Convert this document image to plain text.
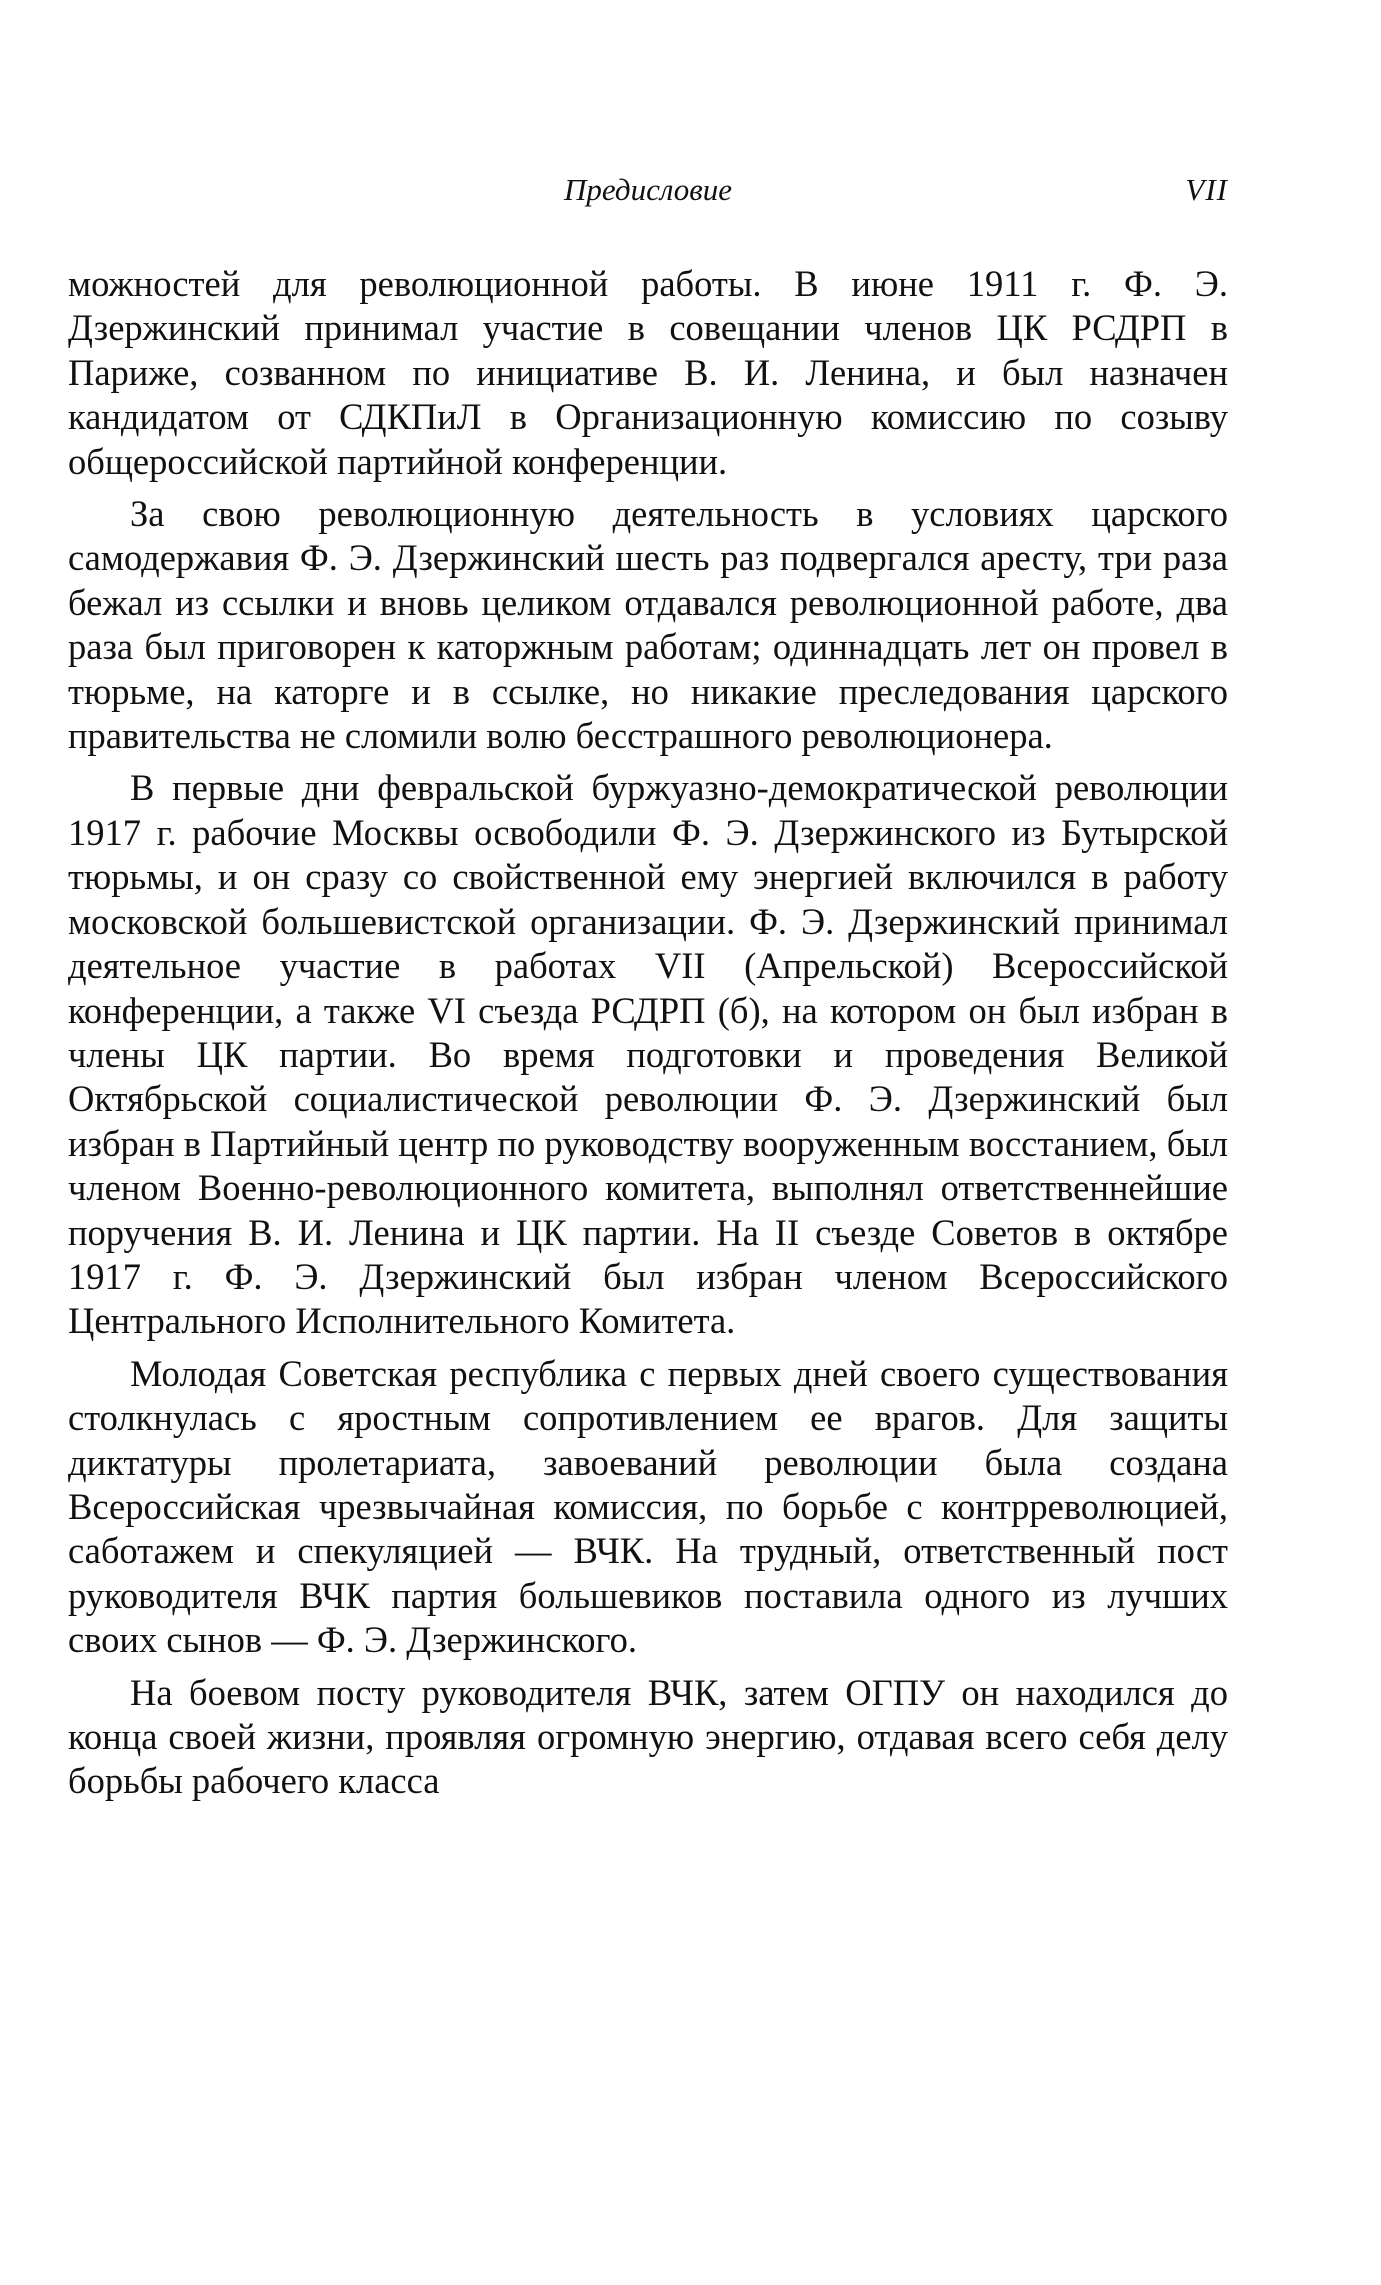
Предисловие	VII

можностей для революционной работы. В июне 1911 г. Ф. Э. Дзержинский принимал участие в совещании членов ЦК РСДРП в Париже, созванном по инициативе В. И. Ленина, и был назначен кандидатом от СДКПиЛ в Организационную комиссию по созыву общероссийской партийной конференции.

За свою революционную деятельность в условиях царского самодержавия Ф. Э. Дзержинский шесть раз подвергался аресту, три раза бежал из ссылки и вновь целиком отдавался революционной работе, два раза был приговорен к каторжным работам; одиннадцать лет он провел в тюрьме, на каторге и в ссылке, но никакие преследования царского правительства не сломили волю бесстрашного революционера.

В первые дни февральской буржуазно-демократической революции 1917 г. рабочие Москвы освободили Ф. Э. Дзержинского из Бутырской тюрьмы, и он сразу со свойственной ему энергией включился в работу московской большевистской организации. Ф. Э. Дзержинский принимал деятельное участие в работах VII (Апрельской) Всероссийской конференции, а также VI съезда РСДРП (б), на котором он был избран в члены ЦК партии. Во время подготовки и проведения Великой Октябрьской социалистической революции Ф. Э. Дзержинский был избран в Партийный центр по руководству вооруженным восстанием, был членом Военно-революционного комитета, выполнял ответственнейшие поручения В. И. Ленина и ЦК партии. На II съезде Советов в октябре 1917 г. Ф. Э. Дзержинский был избран членом Всероссийского Центрального Исполнительного Комитета.

Молодая Советская республика с первых дней своего существования столкнулась с яростным сопротивлением ее врагов. Для защиты диктатуры пролетариата, завоеваний революции была создана Всероссийская чрезвычайная комиссия, по борьбе с контрреволюцией, саботажем и спекуляцией — ВЧК. На трудный, ответственный пост руководителя ВЧК партия большевиков поставила одного из лучших своих сынов — Ф. Э. Дзержинского.

На боевом посту руководителя ВЧК, затем ОГПУ он находился до конца своей жизни, проявляя огромную энергию, отдавая всего себя делу борьбы рабочего класса
